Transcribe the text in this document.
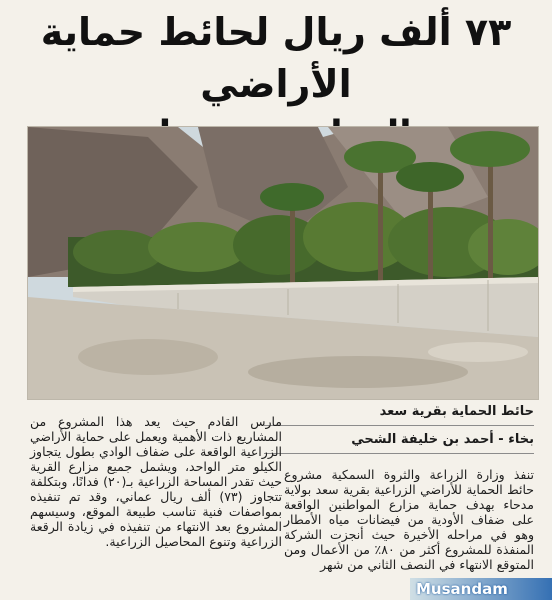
٧٣ ألف ريال لحائط حماية الأراضي
حائط الحماية بقرية سعد
بخاء - أحمد بن خليفة الشحي

تنفذ وزارة الزراعة والثروة السمكية مشروع حائط الحماية للأراضي الزراعية بقرية سعد بولاية مدحاء بهدف حماية مزارع المواطنين الواقعة على ضفاف الأودية من فيضانات مياه الأمطار وهو في مراحله الأخيرة حيث أنجزت الشركة المنفذة للمشروع أكثر من ٨٠٪ من الأعمال ومن المتوقع الانتهاء في النصف الثاني من شهر

مارس القادم حيث يعد هذا المشروع من المشاريع ذات الأهمية ويعمل على حماية الأراضي الزراعية الواقعة على ضفاف الوادي بطول يتجاوز الكيلو متر الواحد، ويشمل جميع مزارع القرية حيث تقدر المساحة الزراعية بـ(٢٠) فدانًا، وبتكلفة تتجاوز (٧٣) ألف ريال عماني، وقد تم تنفيذه بمواصفات فنية تناسب طبيعة الموقع، وسيسهم المشروع بعد الانتهاء من تنفيذه في زيادة الرقعة الزراعية وتنوع المحاصيل الزراعية.

Musandam
